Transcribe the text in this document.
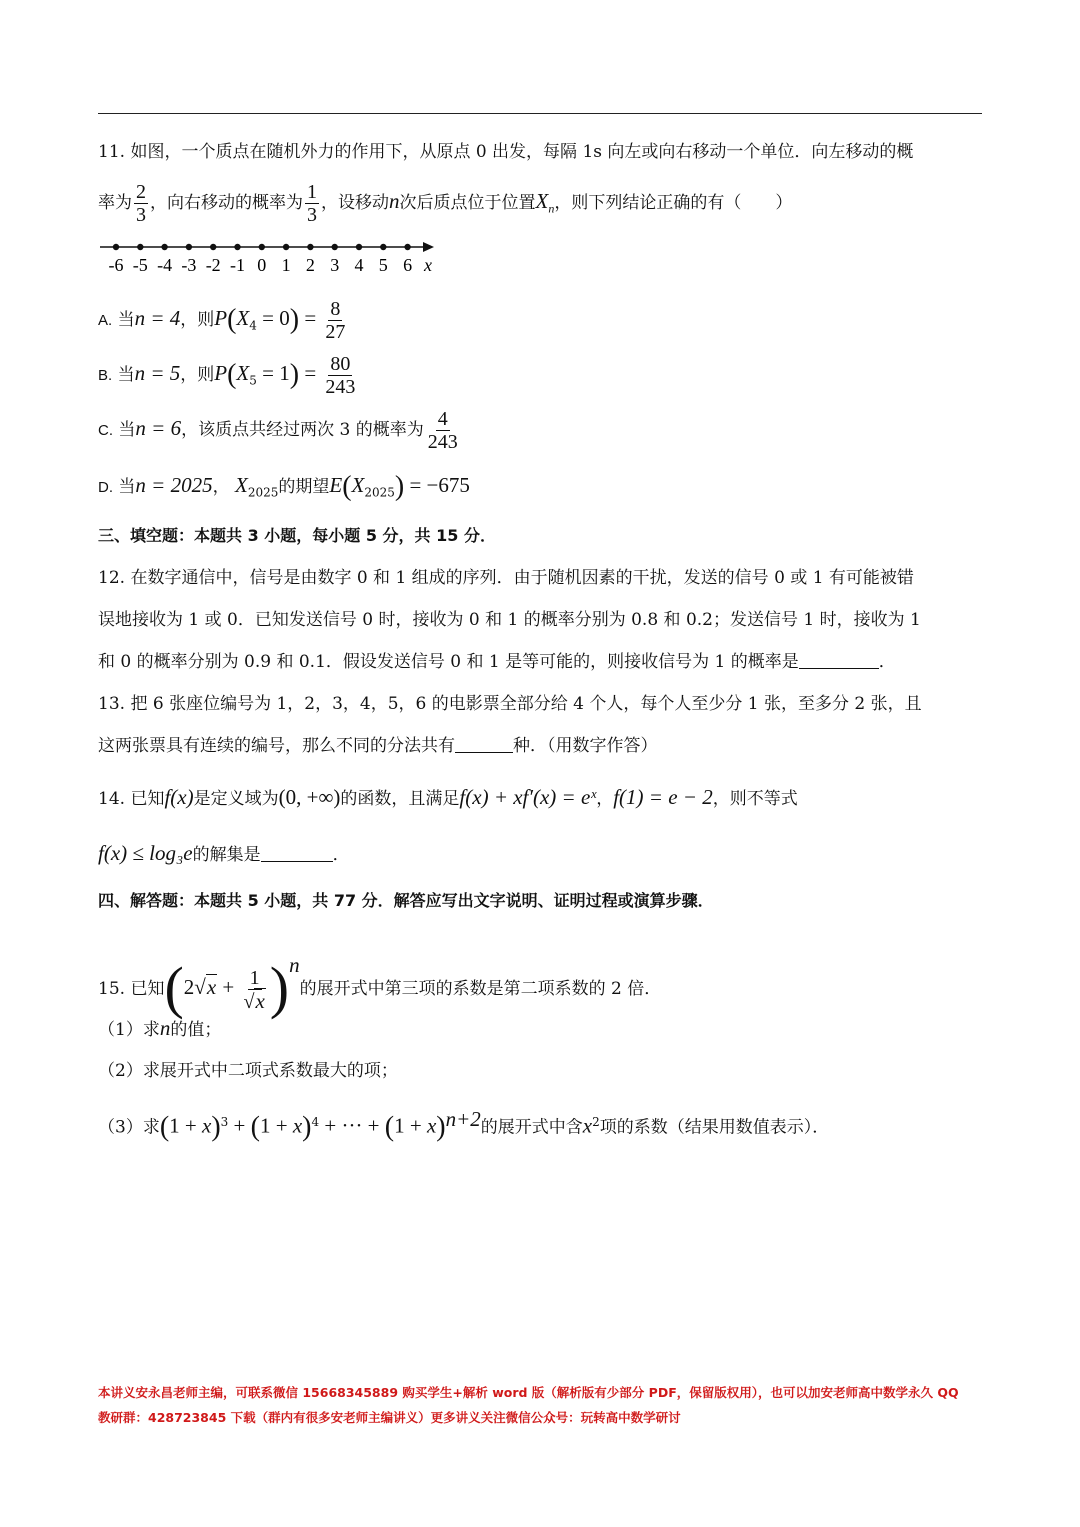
11. 如图，一个质点在随机外力的作用下，从原点 0 出发，每隔 1s 向左或向右移动一个单位．向左移动的概
率为 $\frac{2}{3}$ ，向右移动的概率为 $\frac{1}{3}$ ，设移动n次后质点位于位置$X_n$，则下列结论正确的有（　　）
-6 -5 -4 -3 -2 -1 0 1 2 3 4 5 6 x
A. 当n = 4，则$P(X_4 = 0) = \frac{8}{27}$
B. 当n = 5，则$P(X_5 = 1) = \frac{80}{243}$
C. 当n = 6，该质点共经过两次 3 的概率为 $\frac{4}{243}$
D. 当n = 2025， $X_{2025}$的期望$E(X_{2025}) = -675$
三、填空题：本题共 3 小题，每小题 5 分，共 15 分．
12. 在数字通信中，信号是由数字 0 和 1 组成的序列．由于随机因素的干扰，发送的信号 0 或 1 有可能被错
误地接收为 1 或 0．已知发送信号 0 时，接收为 0 和 1 的概率分别为 0.8 和 0.2；发送信号 1 时，接收为 1
和 0 的概率分别为 0.9 和 0.1．假设发送信号 0 和 1 是等可能的，则接收信号为 1 的概率是	．
13. 把 6 张座位编号为 1，2，3，4，5，6 的电影票全部分给 4 个人，每个人至少分 1 张，至多分 2 张，且
这两张票具有连续的编号，那么不同的分法共有	种．（用数字作答）
14. 已知f(x)是定义域为(0, +∞)的函数，且满足f(x) + xf′(x) = eˣ，f(1) = e − 2，则不等式
f(x) ≤ log₃e的解集是	．
四、解答题：本题共 5 小题，共 77 分．解答应写出文字说明、证明过程或演算步骤．
15. 已知$(2√x + \frac{1}{√x} )^n$的展开式中第三项的系数是第二项系数的 2 倍．
（1）求n的值；
（2）求展开式中二项式系数最大的项；
（3）求$(1 + x)^3 + (1 + x)^4$ + ··· + $(1 + x)^{n+2}$的展开式中含$x^2$项的系数（结果用数值表示）．
本讲义安永昌老师主编，可联系微信 15668345889 购买学生+解析 word 版（解析版有少部分 PDF，保留版权用），也可以加安老师高中数学永久 QQ
教研群：428723845 下载（群内有很多安老师主编讲义）更多讲义关注微信公众号：玩转高中数学研讨
